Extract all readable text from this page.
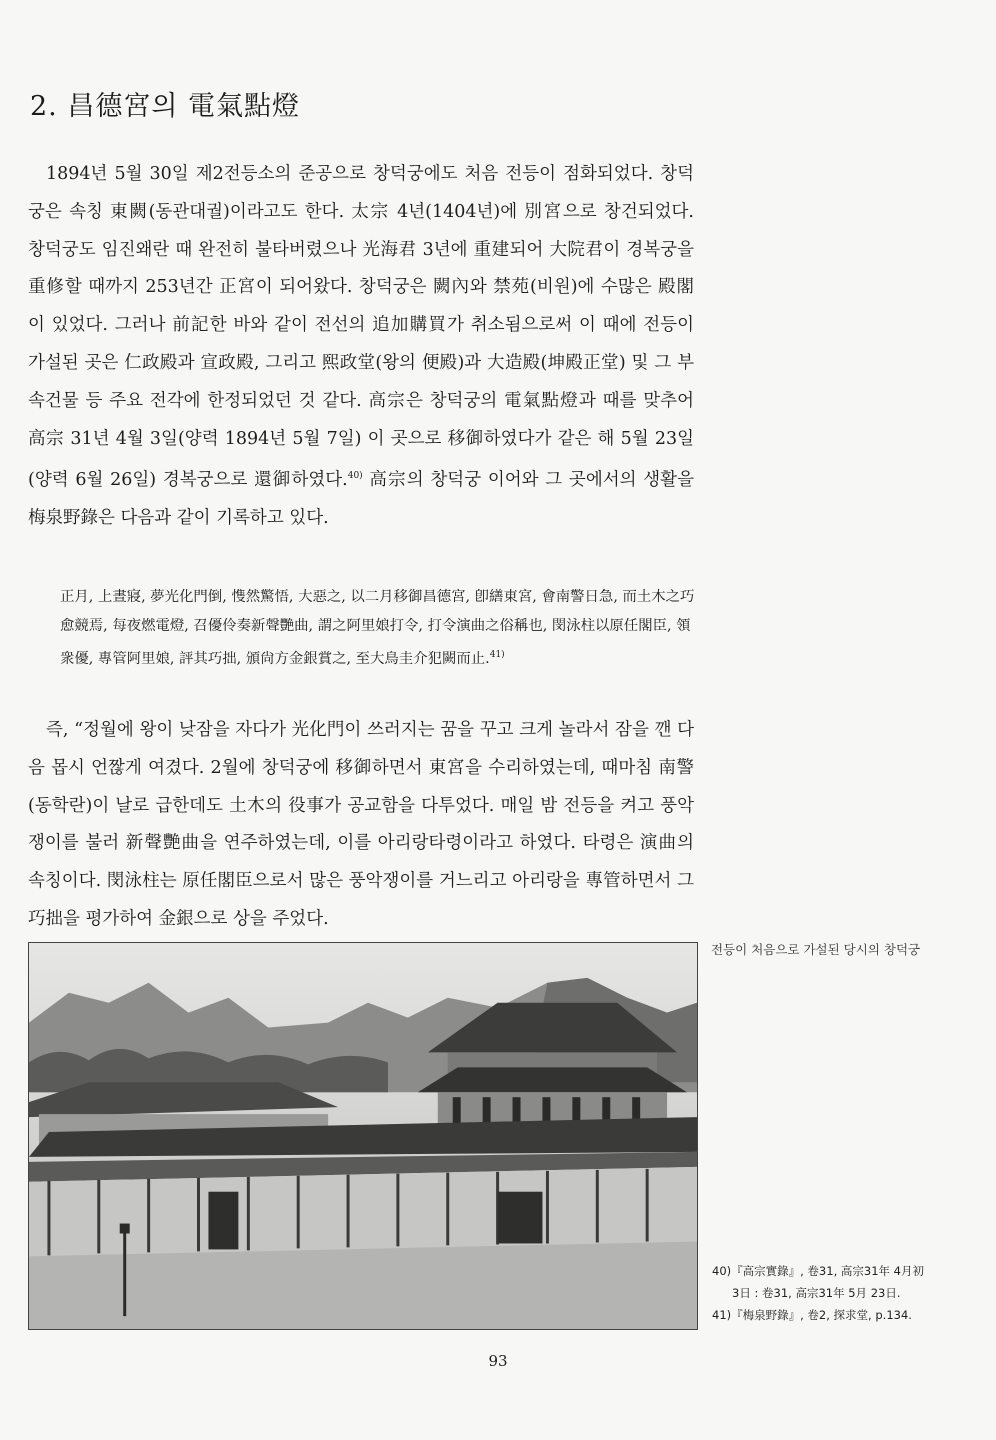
2. 昌德宮의 電氣點燈

1894년 5월 30일 제2전등소의 준공으로 창덕궁에도 처음 전등이 점화되었다. 창덕궁은 속칭 東闕(동관대궐)이라고도 한다. 太宗 4년(1404년)에 別宮으로 창건되었다. 창덕궁도 임진왜란 때 완전히 불타버렸으나 光海君 3년에 重建되어 大院君이 경복궁을 重修할 때까지 253년간 正宮이 되어왔다. 창덕궁은 闕內와 禁苑(비원)에 수많은 殿閣이 있었다. 그러나 前記한 바와 같이 전선의 追加購買가 취소됨으로써 이 때에 전등이 가설된 곳은 仁政殿과 宣政殿, 그리고 熙政堂(왕의 便殿)과 大造殿(坤殿正堂) 및 그 부속건물 등 주요 전각에 한정되었던 것 같다. 高宗은 창덕궁의 電氣點燈과 때를 맞추어 高宗 31년 4월 3일(양력 1894년 5월 7일) 이 곳으로 移御하였다가 같은 해 5월 23일(양력 6월 26일) 경복궁으로 還御하였다.$^{40)}$ 高宗의 창덕궁 이어와 그 곳에서의 생활을 梅泉野錄은 다음과 같이 기록하고 있다.

正月, 上晝寢, 夢光化門倒, 愯然驚悟, 大惡之, 以二月移御昌德宮, 卽繕東宮, 會南警日急, 而土木之巧愈競焉, 每夜燃電燈, 召優伶奏新聲艷曲, 謂之阿里娘打令, 打令演曲之俗稱也, 閔泳柱以原任閣臣, 領衆優, 專管阿里娘, 評其巧拙, 頒尙方金銀賞之, 至大鳥圭介犯闕而止.$^{41)}$

즉, “정월에 왕이 낮잠을 자다가 光化門이 쓰러지는 꿈을 꾸고 크게 놀라서 잠을 깬 다음 몹시 언짢게 여겼다. 2월에 창덕궁에 移御하면서 東宮을 수리하였는데, 때마침 南警(동학란)이 날로 급한데도 土木의 役事가 공교함을 다투었다. 매일 밤 전등을 켜고 풍악쟁이를 불러 新聲艷曲을 연주하였는데, 이를 아리랑타령이라고 하였다. 타령은 演曲의 속칭이다. 閔泳柱는 原任閣臣으로서 많은 풍악쟁이를 거느리고 아리랑을 專管하면서 그 巧拙을 평가하여 金銀으로 상을 주었다.

전등이 처음으로 가설된 당시의 창덕궁
40)『高宗實錄』, 卷31, 高宗31年 4月初
3日 : 卷31, 高宗31年 5月 23日.
41)『梅泉野錄』, 卷2, 探求堂, p.134.
93
